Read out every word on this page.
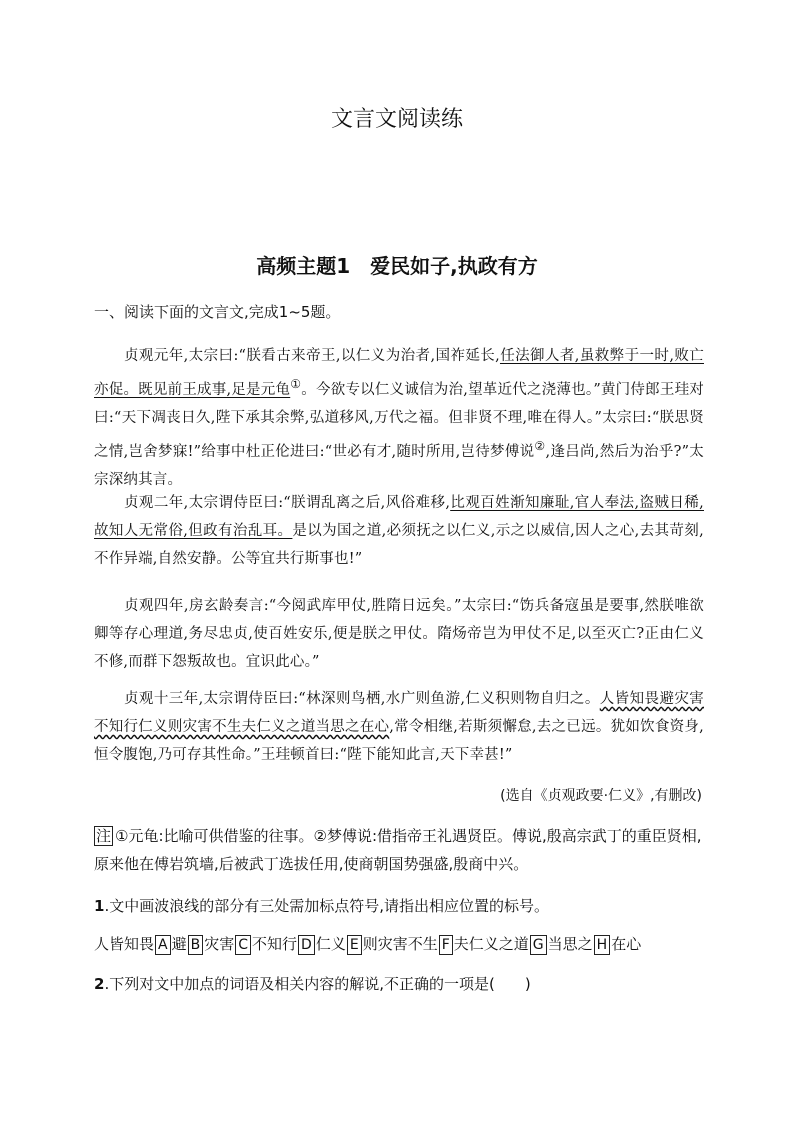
文言文阅读练
高频主题1　爱民如子,执政有方
一、阅读下面的文言文,完成1~5题。
贞观元年,太宗曰:“朕看古来帝王,以仁义为治者,国祚延长,任法御人者,虽救弊于一时,败亡亦促。既见前王成事,足是元龟①。今欲专以仁义诚信为治,望革近代之浇薄也。”黄门侍郎王珪对曰:“天下凋丧日久,陛下承其余弊,弘道移风,万代之福。但非贤不理,唯在得人。”太宗曰:“朕思贤之情,岂舍梦寐!”给事中杜正伦进曰:“世必有才,随时所用,岂待梦傅说②,逢吕尚,然后为治乎?”太宗深纳其言。
贞观二年,太宗谓侍臣曰:“朕谓乱离之后,风俗难移,比观百姓渐知廉耻,官人奉法,盗贼日稀,故知人无常俗,但政有治乱耳。是以为国之道,必须抚之以仁义,示之以威信,因人之心,去其苛刻,不作异端,自然安静。公等宜共行斯事也!”
贞观四年,房玄龄奏言:“今阅武库甲仗,胜隋日远矣。”太宗曰:“饬兵备寇虽是要事,然朕唯欲卿等存心理道,务尽忠贞,使百姓安乐,便是朕之甲仗。隋炀帝岂为甲仗不足,以至灭亡?正由仁义不修,而群下怨叛故也。宜识此心。”
贞观十三年,太宗谓侍臣曰:“林深则鸟栖,水广则鱼游,仁义积则物自归之。人皆知畏避灾害不知行仁义则灾害不生夫仁义之道当思之在心,常令相继,若斯须懈怠,去之已远。犹如饮食资身,恒令腹饱,乃可存其性命。”王珪顿首曰:“陛下能知此言,天下幸甚!”
(选自《贞观政要·仁义》,有删改)
注 ①元龟:比喻可供借鉴的往事。②梦傅说:借指帝王礼遇贤臣。傅说,殷高宗武丁的重臣贤相,原来他在傅岩筑墙,后被武丁选拔任用,使商朝国势强盛,殷商中兴。
1.文中画波浪线的部分有三处需加标点符号,请指出相应位置的标号。
人皆知畏 A 避 B 灾害 C 不知行 D 仁义 E 则灾害不生 F 夫仁义之道 G 当思之 H 在心
2.下列对文中加点的词语及相关内容的解说,不正确的一项是(　　)
